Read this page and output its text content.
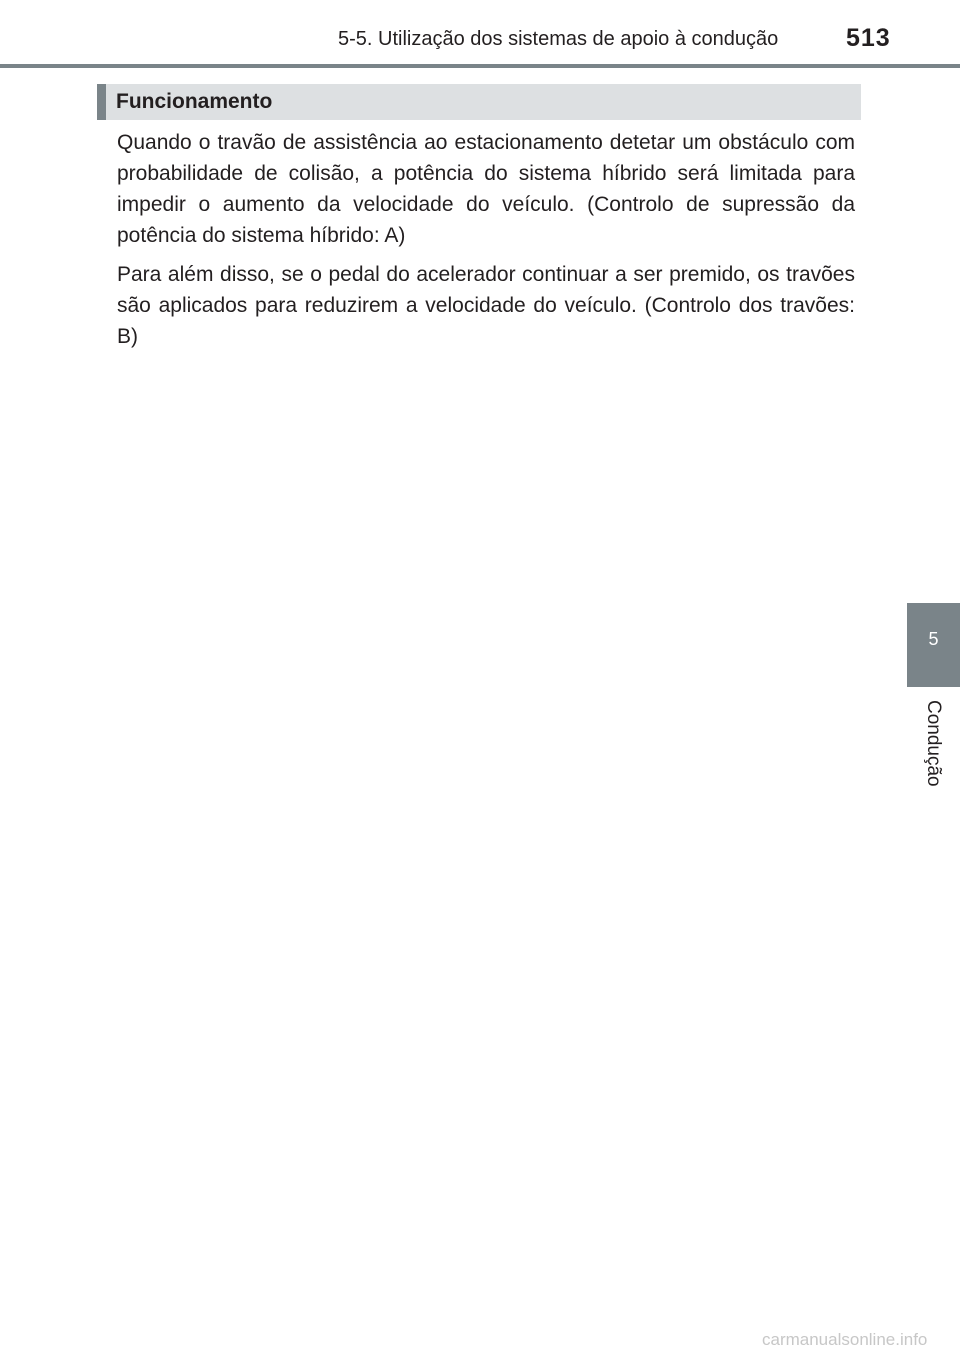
5-5. Utilização dos sistemas de apoio à condução	513
Funcionamento

Quando o travão de assistência ao estacionamento detetar um obstáculo com probabilidade de colisão, a potência do sistema híbrido será limitada para impedir o aumento da velocidade do veículo. (Controlo de supressão da potência do sistema híbrido: A)

Para além disso, se o pedal do acelerador continuar a ser premido, os travões são aplicados para reduzirem a velocidade do veículo. (Controlo dos travões: B)

5
Condução
carmanualsonline.info
